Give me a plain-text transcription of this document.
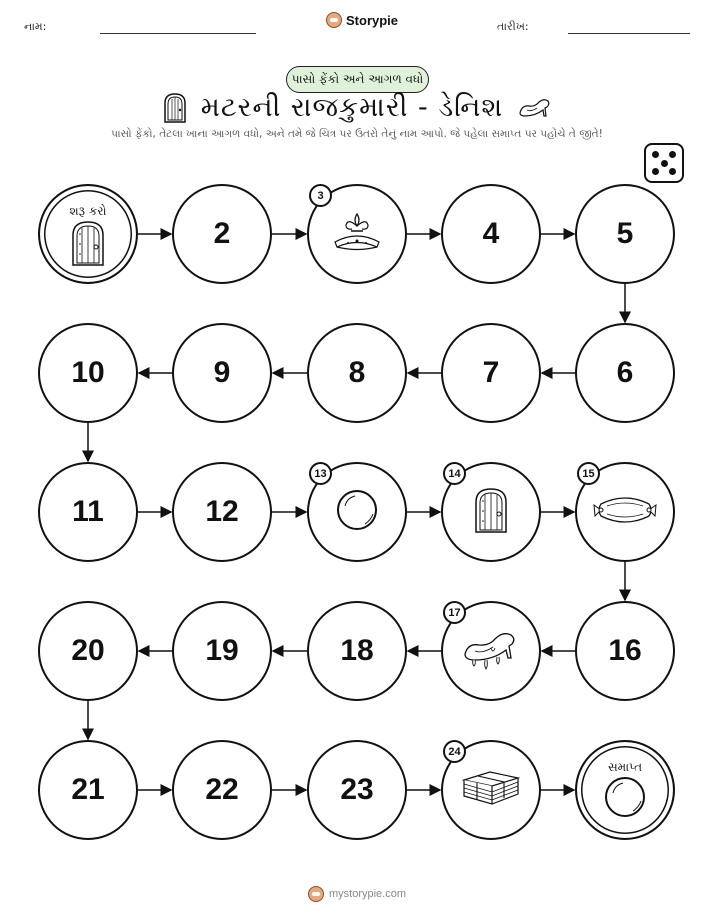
નામ:	Storypie	તારીખ:
પાસો ફેંકો અને આગળ વધો
મટરની રાજકુમારી - ડેનિશ
પાસો ફેંકો, તેટલા ખાના આગળ વધો, અને તમે જે ચિત્ર પર ઉતરો તેનું નામ આપો. જે પહેલા સમાપ્ત પર પહોંચે તે જીતે!
શરૂ કરો
2
3
4	5
6
7
8
9
10
11	12
13	14	15
16
17
18
19
20
21	22	23
24
સમાપ્ત
mystorypie.com
